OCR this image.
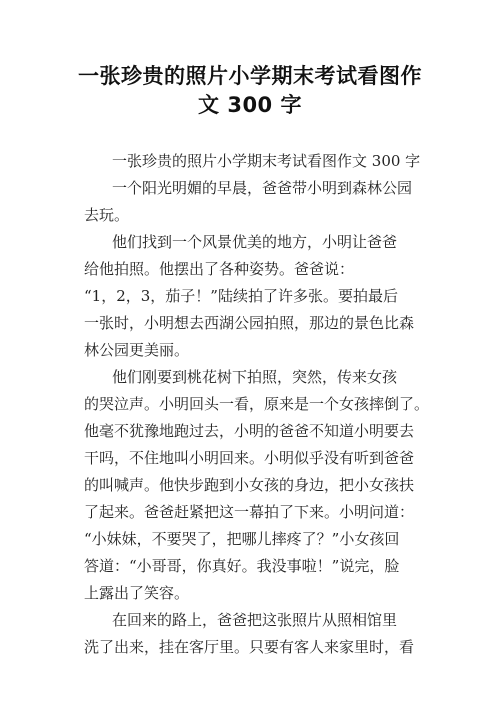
一张珍贵的照片小学期末考试看图作
文 300 字
一张珍贵的照片小学期末考试看图作文 300 字
一个阳光明媚的早晨，爸爸带小明到森林公园
去玩。
他们找到一个风景优美的地方，小明让爸爸
给他拍照。他摆出了各种姿势。爸爸说：
“1，2，3，茄子！”陆续拍了许多张。要拍最后
一张时，小明想去西湖公园拍照，那边的景色比森
林公园更美丽。
他们刚要到桃花树下拍照，突然，传来女孩
的哭泣声。小明回头一看，原来是一个女孩摔倒了。
他毫不犹豫地跑过去，小明的爸爸不知道小明要去
干吗，不住地叫小明回来。小明似乎没有听到爸爸
的叫喊声。他快步跑到小女孩的身边，把小女孩扶
了起来。爸爸赶紧把这一幕拍了下来。小明问道：
“小妹妹，不要哭了，把哪儿摔疼了？”小女孩回
答道：“小哥哥，你真好。我没事啦！”说完，脸
上露出了笑容。
在回来的路上，爸爸把这张照片从照相馆里
洗了出来，挂在客厅里。只要有客人来家里时，看
